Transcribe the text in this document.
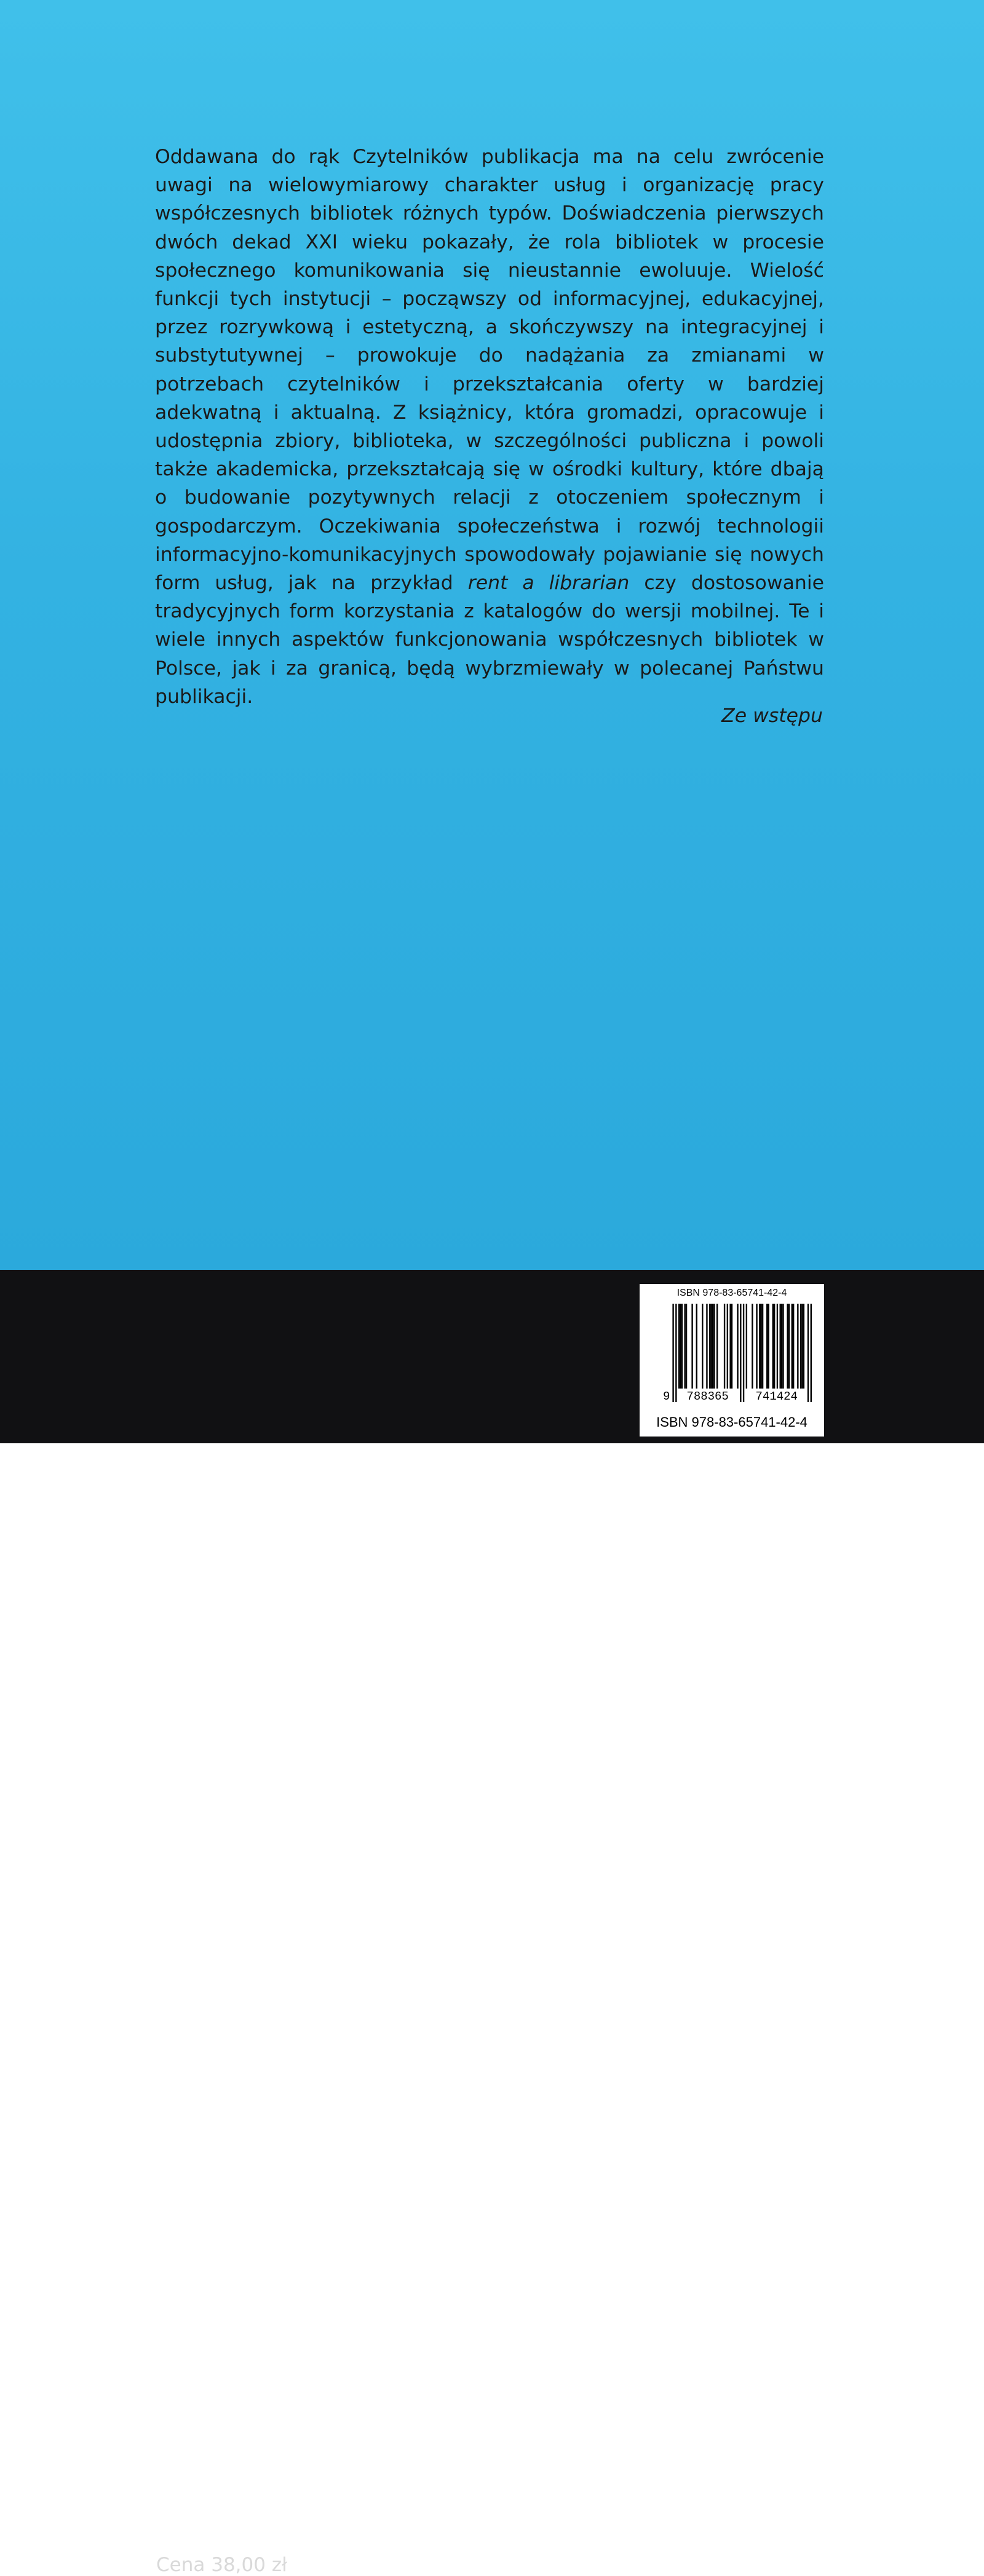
Oddawana do rąk Czytelników publikacja ma na celu zwrócenie uwagi na wielowymiarowy charakter usług i organizację pracy współczesnych bibliotek różnych typów. Doświadczenia pierwszych dwóch dekad XXI wieku pokazały, że rola bibliotek w procesie społecznego komunikowania się nieustannie ewoluuje. Wielość funkcji tych instytucji – począwszy od informacyjnej, edukacyjnej, przez rozrywkową i estetyczną, a skończywszy na integracyjnej i substytutywnej – prowokuje do nadążania za zmianami w potrzebach czytelników i przekształcania oferty w bardziej adekwatną i aktualną. Z książnicy, która gromadzi, opracowuje i udostępnia zbiory, biblioteka, w szczególności publiczna i powoli także akademicka, przekształcają się w ośrodki kultury, które dbają o budowanie pozytywnych relacji z otoczeniem społecznym i gospodarczym. Oczekiwania społeczeństwa i rozwój technologii informacyjno-komunikacyjnych spowodowały pojawianie się nowych form usług, jak na przykład rent a librarian czy dostosowanie tradycyjnych form korzystania z katalogów do wersji mobilnej. Te i wiele innych aspektów funkcjonowania współczesnych bibliotek w Polsce, jak i za granicą, będą wybrzmiewały w polecanej Państwu publikacji.

Ze wstępu

Cena 38,00 zł

ISBN 978-83-65741-42-4
9 788365 741424
ISBN 978-83-65741-42-4
